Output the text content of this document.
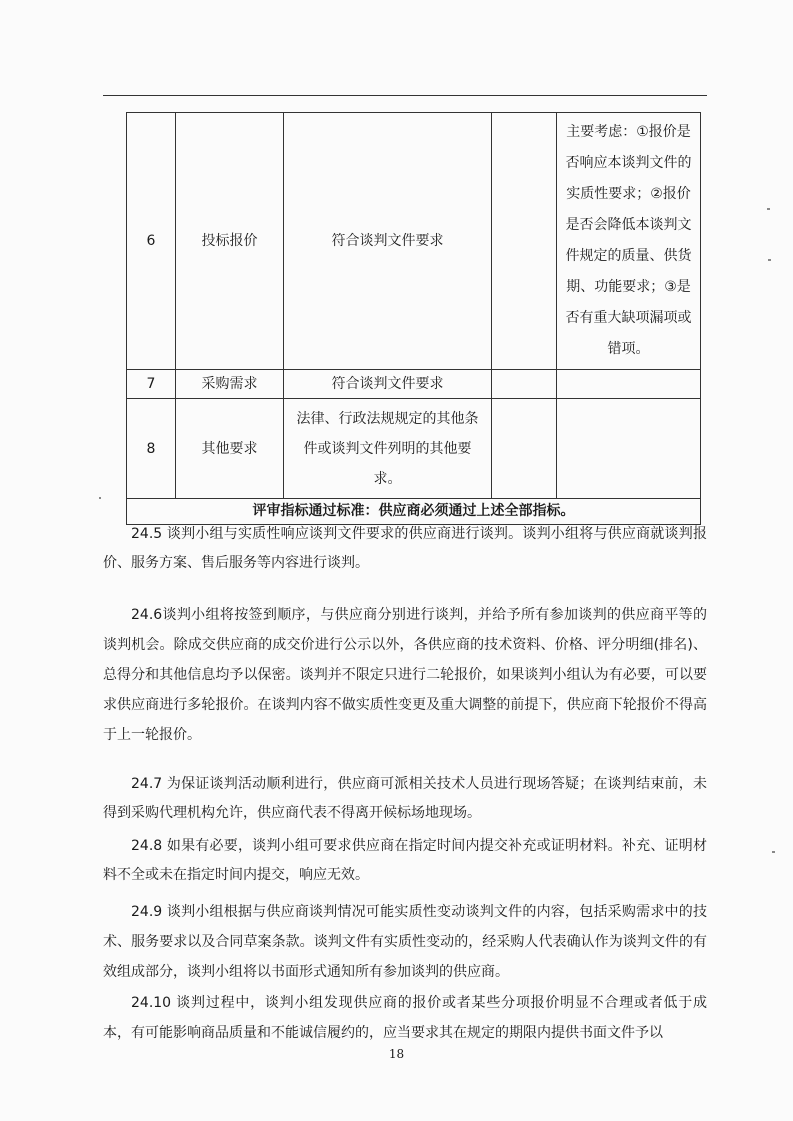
6	投标报价	符合谈判文件要求		主要考虑：①报价是否响应本谈判文件的实质性要求；②报价是否会降低本谈判文件规定的质量、供货期、功能要求；③是否有重大缺项漏项或错项。
7	采购需求	符合谈判文件要求		
8	其他要求	法律、行政法规规定的其他条件或谈判文件列明的其他要求。		
评审指标通过标准：供应商必须通过上述全部指标。				

24.5 谈判小组与实质性响应谈判文件要求的供应商进行谈判。谈判小组将与供应商就谈判报价、服务方案、售后服务等内容进行谈判。

24.6谈判小组将按签到顺序，与供应商分别进行谈判，并给予所有参加谈判的供应商平等的谈判机会。除成交供应商的成交价进行公示以外，各供应商的技术资料、价格、评分明细(排名)、总得分和其他信息均予以保密。谈判并不限定只进行二轮报价，如果谈判小组认为有必要，可以要求供应商进行多轮报价。在谈判内容不做实质性变更及重大调整的前提下，供应商下轮报价不得高于上一轮报价。

24.7 为保证谈判活动顺利进行，供应商可派相关技术人员进行现场答疑；在谈判结束前，未得到采购代理机构允许，供应商代表不得离开候标场地现场。

24.8 如果有必要，谈判小组可要求供应商在指定时间内提交补充或证明材料。补充、证明材料不全或未在指定时间内提交，响应无效。

24.9 谈判小组根据与供应商谈判情况可能实质性变动谈判文件的内容，包括采购需求中的技术、服务要求以及合同草案条款。谈判文件有实质性变动的，经采购人代表确认作为谈判文件的有效组成部分，谈判小组将以书面形式通知所有参加谈判的供应商。

24.10 谈判过程中，谈判小组发现供应商的报价或者某些分项报价明显不合理或者低于成本，有可能影响商品质量和不能诚信履约的，应当要求其在规定的期限内提供书面文件予以

18
